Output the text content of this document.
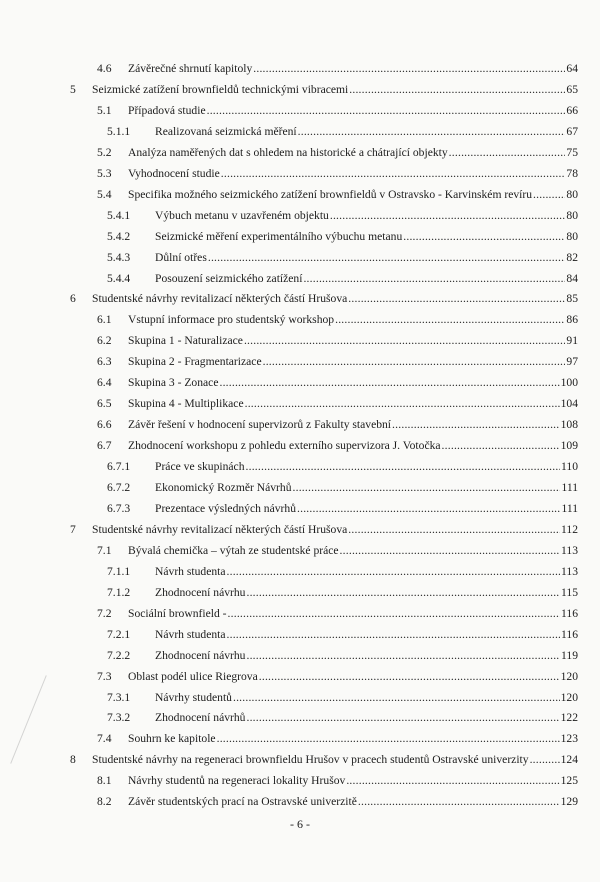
4.6 Závěrečné shrnutí kapitoly .....	64
5 Seizmické zatížení brownfieldů technickými vibracemi .....	65
5.1 Případová studie .....	66
5.1.1 Realizovaná seizmická měření .....	67
5.2 Analýza naměřených dat s ohledem na historické a chátrající objekty .....	75
5.3 Vyhodnocení studie .....	78
5.4 Specifika možného seizmického zatížení brownfieldů v Ostravsko - Karvinském revíru .....	80
5.4.1 Výbuch metanu v uzavřeném objektu .....	80
5.4.2 Seizmické měření experimentálního výbuchu metanu .....	80
5.4.3 Důlní otřes .....	82
5.4.4 Posouzení seizmického zatížení .....	84
6 Studentské návrhy revitalizací některých částí Hrušova .....	85
6.1 Vstupní informace pro studentský workshop .....	86
6.2 Skupina 1 - Naturalizace .....	91
6.3 Skupina 2 - Fragmentarizace .....	97
6.4 Skupina 3 - Zonace .....	100
6.5 Skupina 4 - Multiplikace .....	104
6.6 Závěr řešení v hodnocení supervizorů z Fakulty stavební .....	108
6.7 Zhodnocení workshopu z pohledu externího supervizora J. Votočka .....	109
6.7.1 Práce ve skupinách .....	110
6.7.2 Ekonomický Rozměr Návrhů .....	111
6.7.3 Prezentace výsledných návrhů .....	111
7 Studentské návrhy revitalizací některých částí Hrušova .....	112
7.1 Bývalá chemička – výtah ze studentské práce .....	113
7.1.1 Návrh studenta .....	113
7.1.2 Zhodnocení návrhu .....	115
7.2 Sociální brownfield - .....	116
7.2.1 Návrh studenta .....	116
7.2.2 Zhodnocení návrhu .....	119
7.3 Oblast podél ulice Riegrova .....	120
7.3.1 Návrhy studentů .....	120
7.3.2 Zhodnocení návrhů .....	122
7.4 Souhrn ke kapitole .....	123
8 Studentské návrhy na regeneraci brownfieldu Hrušov v pracech studentů Ostravské univerzity .....	124
8.1 Návrhy studentů na regeneraci lokality Hrušov .....	125
8.2 Závěr studentských prací na Ostravské univerzitě .....	129
- 6 -
